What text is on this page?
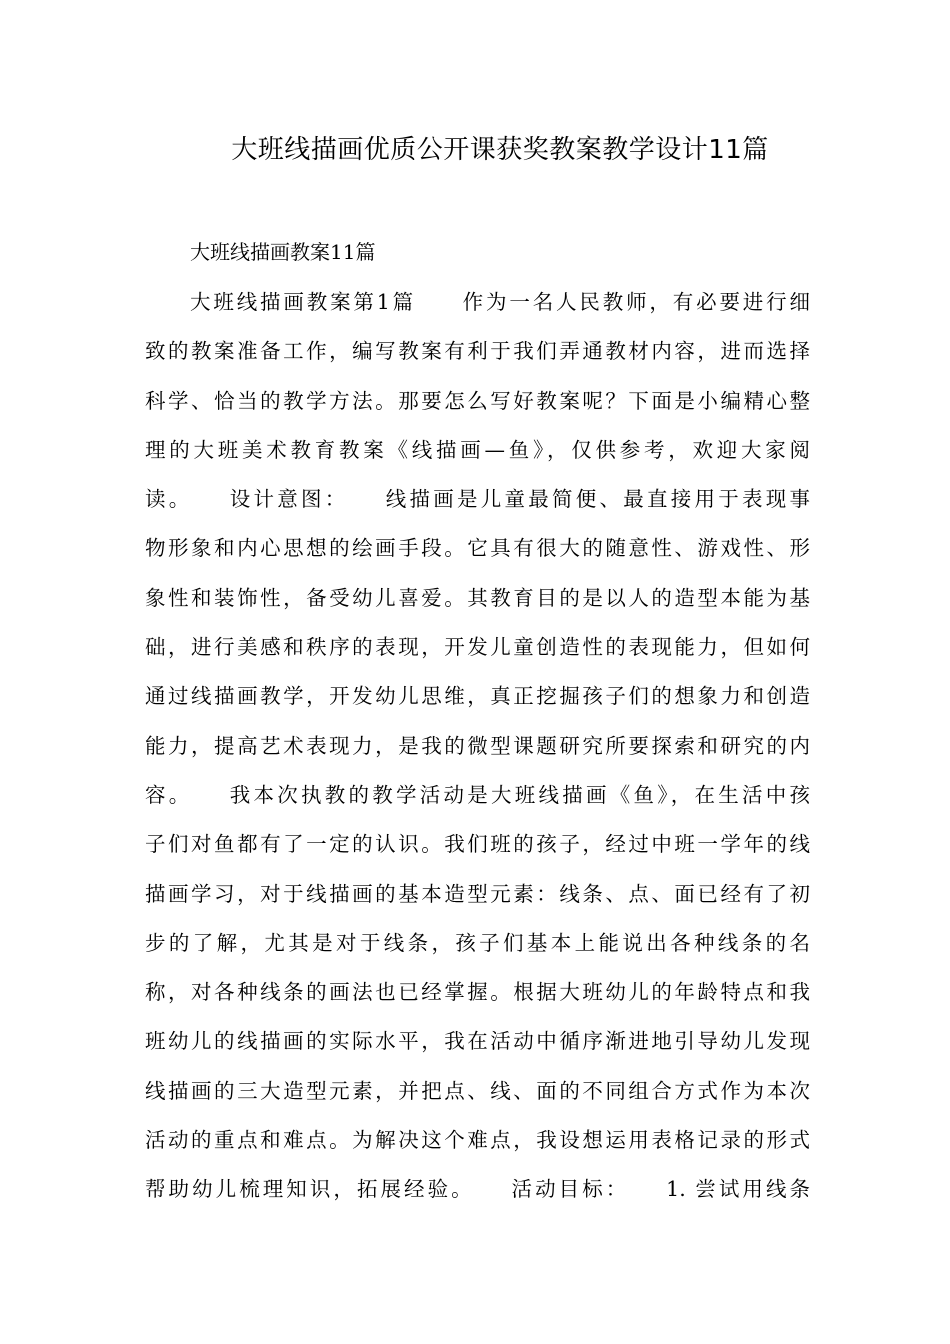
大班线描画优质公开课获奖教案教学设计11篇
大班线描画教案11篇
大班线描画教案第1篇　　作为一名人民教师，有必要进行细
致的教案准备工作，编写教案有利于我们弄通教材内容，进而选择
科学、恰当的教学方法。那要怎么写好教案呢？下面是小编精心整
理的大班美术教育教案《线描画—鱼》，仅供参考，欢迎大家阅
读。　　设计意图：　　线描画是儿童最简便、最直接用于表现事
物形象和内心思想的绘画手段。它具有很大的随意性、游戏性、形
象性和装饰性，备受幼儿喜爱。其教育目的是以人的造型本能为基
础，进行美感和秩序的表现，开发儿童创造性的表现能力，但如何
通过线描画教学，开发幼儿思维，真正挖掘孩子们的想象力和创造
能力，提高艺术表现力，是我的微型课题研究所要探索和研究的内
容。　　我本次执教的教学活动是大班线描画《鱼》，在生活中孩
子们对鱼都有了一定的认识。我们班的孩子，经过中班一学年的线
描画学习，对于线描画的基本造型元素：线条、点、面已经有了初
步的了解，尤其是对于线条，孩子们基本上能说出各种线条的名
称，对各种线条的画法也已经掌握。根据大班幼儿的年龄特点和我
班幼儿的线描画的实际水平，我在活动中循序渐进地引导幼儿发现
线描画的三大造型元素，并把点、线、面的不同组合方式作为本次
活动的重点和难点。为解决这个难点，我设想运用表格记录的形式
帮助幼儿梳理知识，拓展经验。　　活动目标：　　1. 尝试用线条
